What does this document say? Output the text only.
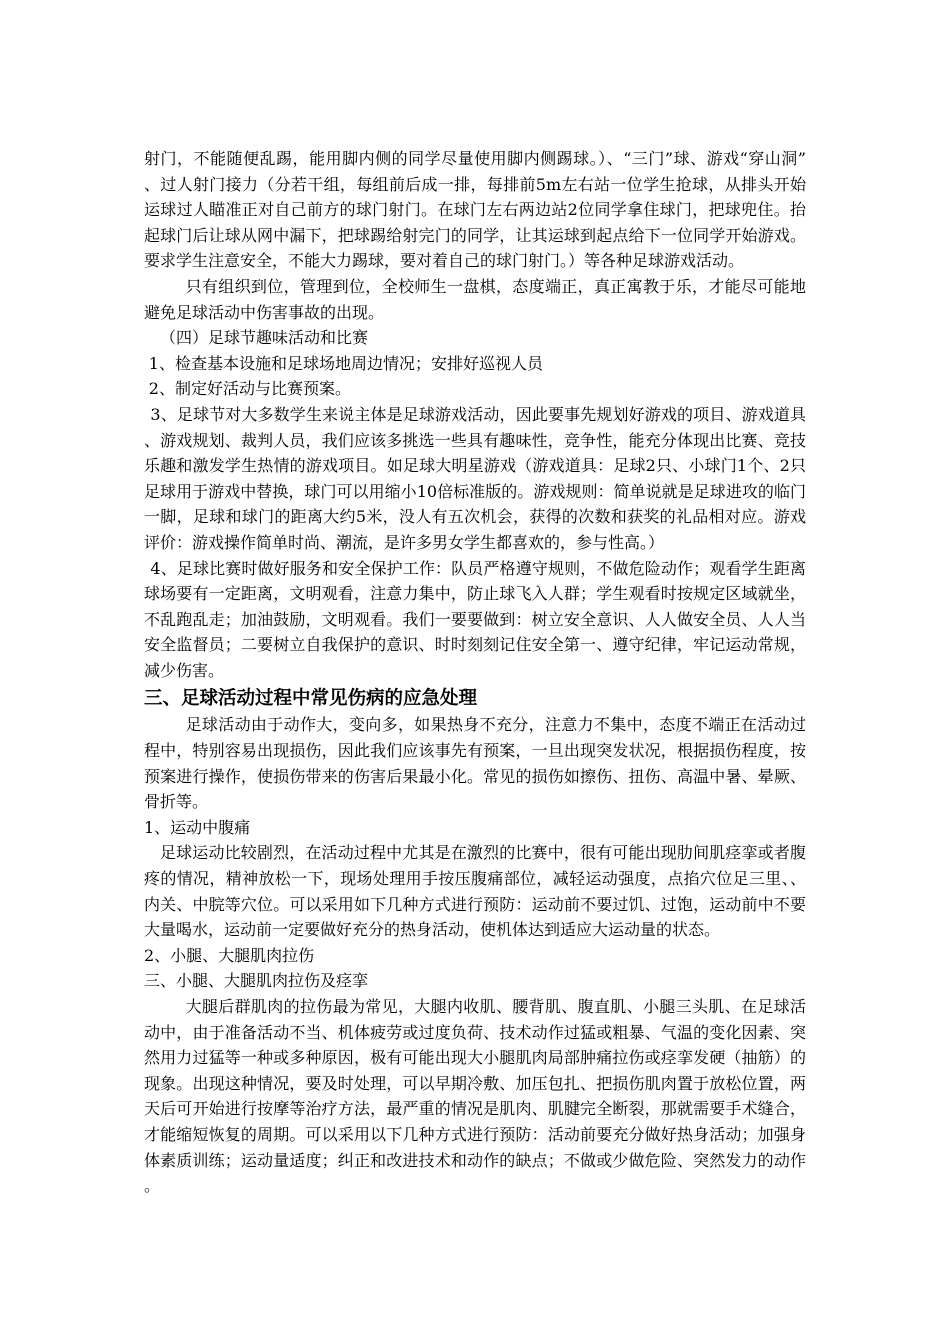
射门，不能随便乱踢，能用脚内侧的同学尽量使用脚内侧踢球。）、“三门”球、游戏“穿山洞”　、过人射门接力（分若干组，每组前后成一排，每排前5m左右站一位学生抢球，从排头开始运球过人瞄准正对自己前方的球门射门。在球门左右两边站2位同学拿住球门，把球兜住。抬起球门后让球从网中漏下，把球踢给射完门的同学，让其运球到起点给下一位同学开始游戏。要求学生注意安全，不能大力踢球，要对着自己的球门射门。）等各种足球游戏活动。

只有组织到位，管理到位，全校师生一盘棋，态度端正，真正寓教于乐，才能尽可能地避免足球活动中伤害事故的出现。

（四）足球节趣味活动和比赛

1、检查基本设施和足球场地周边情况；安排好巡视人员

2、制定好活动与比赛预案。

3、足球节对大多数学生来说主体是足球游戏活动，因此要事先规划好游戏的项目、游戏道具、游戏规划、裁判人员，我们应该多挑选一些具有趣味性，竞争性，能充分体现出比赛、竞技乐趣和激发学生热情的游戏项目。如足球大明星游戏（游戏道具：足球2只、小球门1个、2只足球用于游戏中替换，球门可以用缩小10倍标准版的。游戏规则：简单说就是足球进攻的临门一脚，足球和球门的距离大约5米，没人有五次机会，获得的次数和获奖的礼品相对应。游戏评价：游戏操作简单时尚、潮流，是许多男女学生都喜欢的，参与性高。）

4、足球比赛时做好服务和安全保护工作：队员严格遵守规则，不做危险动作；观看学生距离球场要有一定距离，文明观看，注意力集中，防止球飞入人群；学生观看时按规定区域就坐，不乱跑乱走；加油鼓励，文明观看。我们一要要做到：树立安全意识、人人做安全员、人人当安全监督员；二要树立自我保护的意识、时时刻刻记住安全第一、遵守纪律，牢记运动常规，减少伤害。

三、足球活动过程中常见伤病的应急处理

足球活动由于动作大，变向多，如果热身不充分，注意力不集中，态度不端正在活动过程中，特别容易出现损伤，因此我们应该事先有预案，一旦出现突发状况，根据损伤程度，按预案进行操作，使损伤带来的伤害后果最小化。常见的损伤如擦伤、扭伤、高温中暑、晕厥、骨折等。

1、运动中腹痛

足球运动比较剧烈，在活动过程中尤其是在激烈的比赛中，很有可能出现肋间肌痉挛或者腹疼的情况，精神放松一下，现场处理用手按压腹痛部位，减轻运动强度，点掐穴位足三里、、内关、中脘等穴位。可以采用如下几种方式进行预防：运动前不要过饥、过饱，运动前中不要大量喝水，运动前一定要做好充分的热身活动，使机体达到适应大运动量的状态。

2、小腿、大腿肌肉拉伤

三、小腿、大腿肌肉拉伤及痉挛

大腿后群肌肉的拉伤最为常见，大腿内收肌、腰背肌、腹直肌、小腿三头肌、在足球活动中，由于准备活动不当、机体疲劳或过度负荷、技术动作过猛或粗暴、气温的变化因素、突然用力过猛等一种或多种原因，极有可能出现大小腿肌肉局部肿痛拉伤或痉挛发硬（抽筋）的现象。出现这种情况，要及时处理，可以早期冷敷、加压包扎、把损伤肌肉置于放松位置，两天后可开始进行按摩等治疗方法，最严重的情况是肌肉、肌腱完全断裂，那就需要手术缝合，才能缩短恢复的周期。可以采用以下几种方式进行预防：活动前要充分做好热身活动；加强身体素质训练；运动量适度；纠正和改进技术和动作的缺点；不做或少做危险、突然发力的动作。
